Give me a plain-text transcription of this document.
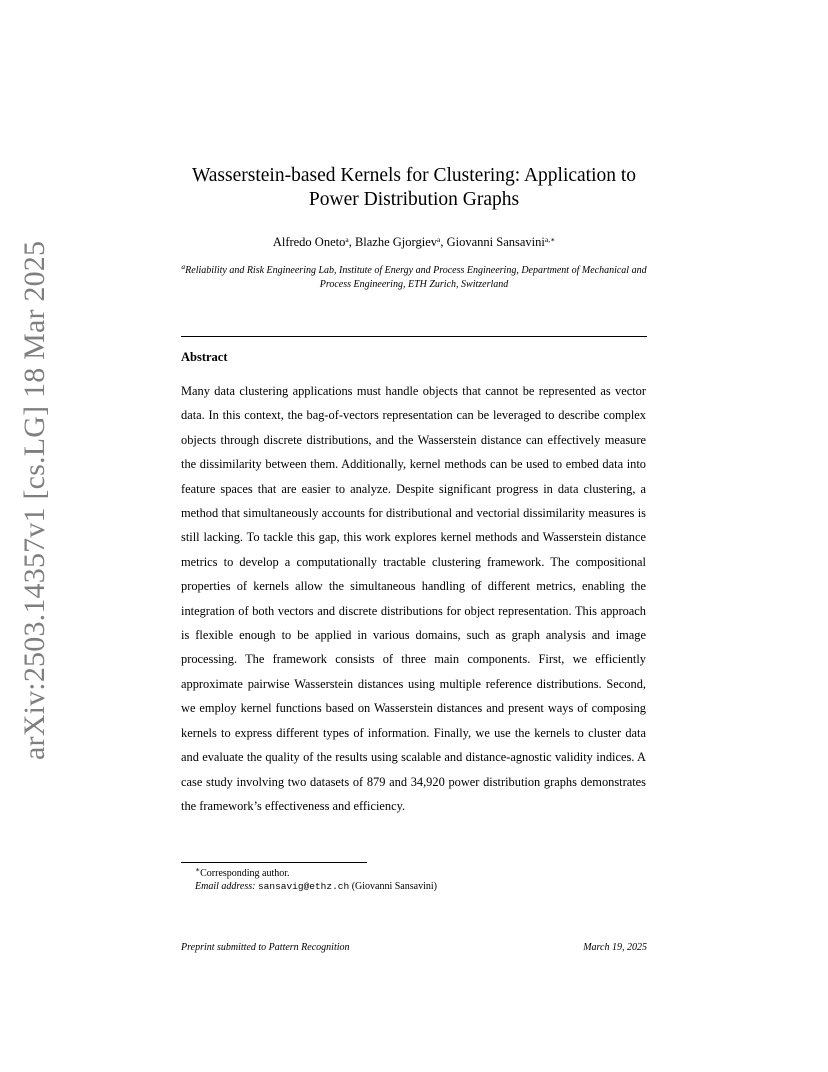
arXiv:2503.14357v1 [cs.LG] 18 Mar 2025
Wasserstein-based Kernels for Clustering: Application to
Power Distribution Graphs
Alfredo Oneto$^a$, Blazhe Gjorgiev$^a$, Giovanni Sansavini$^{a,∗}$
$^a$Reliability and Risk Engineering Lab, Institute of Energy and Process Engineering, Department of Mechanical and Process Engineering, ETH Zurich, Switzerland
Abstract

Many data clustering applications must handle objects that cannot be represented as vector data. In this context, the bag-of-vectors representation can be leveraged to describe complex objects through discrete distributions, and the Wasserstein distance can effectively measure the dissimilarity between them. Additionally, kernel methods can be used to embed data into feature spaces that are easier to analyze. Despite significant progress in data clustering, a method that simultaneously accounts for distributional and vectorial dissimilarity measures is still lacking. To tackle this gap, this work explores kernel methods and Wasserstein distance metrics to develop a computationally tractable clustering framework. The compositional properties of kernels allow the simultaneous handling of different metrics, enabling the integration of both vectors and discrete distributions for object representation. This approach is flexible enough to be applied in various domains, such as graph analysis and image processing. The framework consists of three main components. First, we efficiently approximate pairwise Wasserstein distances using multiple reference distributions. Second, we employ kernel functions based on Wasserstein distances and present ways of composing kernels to express different types of information. Finally, we use the kernels to cluster data and evaluate the quality of the results using scalable and distance-agnostic validity indices. A case study involving two datasets of 879 and 34,920 power distribution graphs demonstrates the framework’s effectiveness and efficiency.

∗Corresponding author.
Email address: sansavig@ethz.ch (Giovanni Sansavini)
Preprint submitted to Pattern Recognition	March 19, 2025
